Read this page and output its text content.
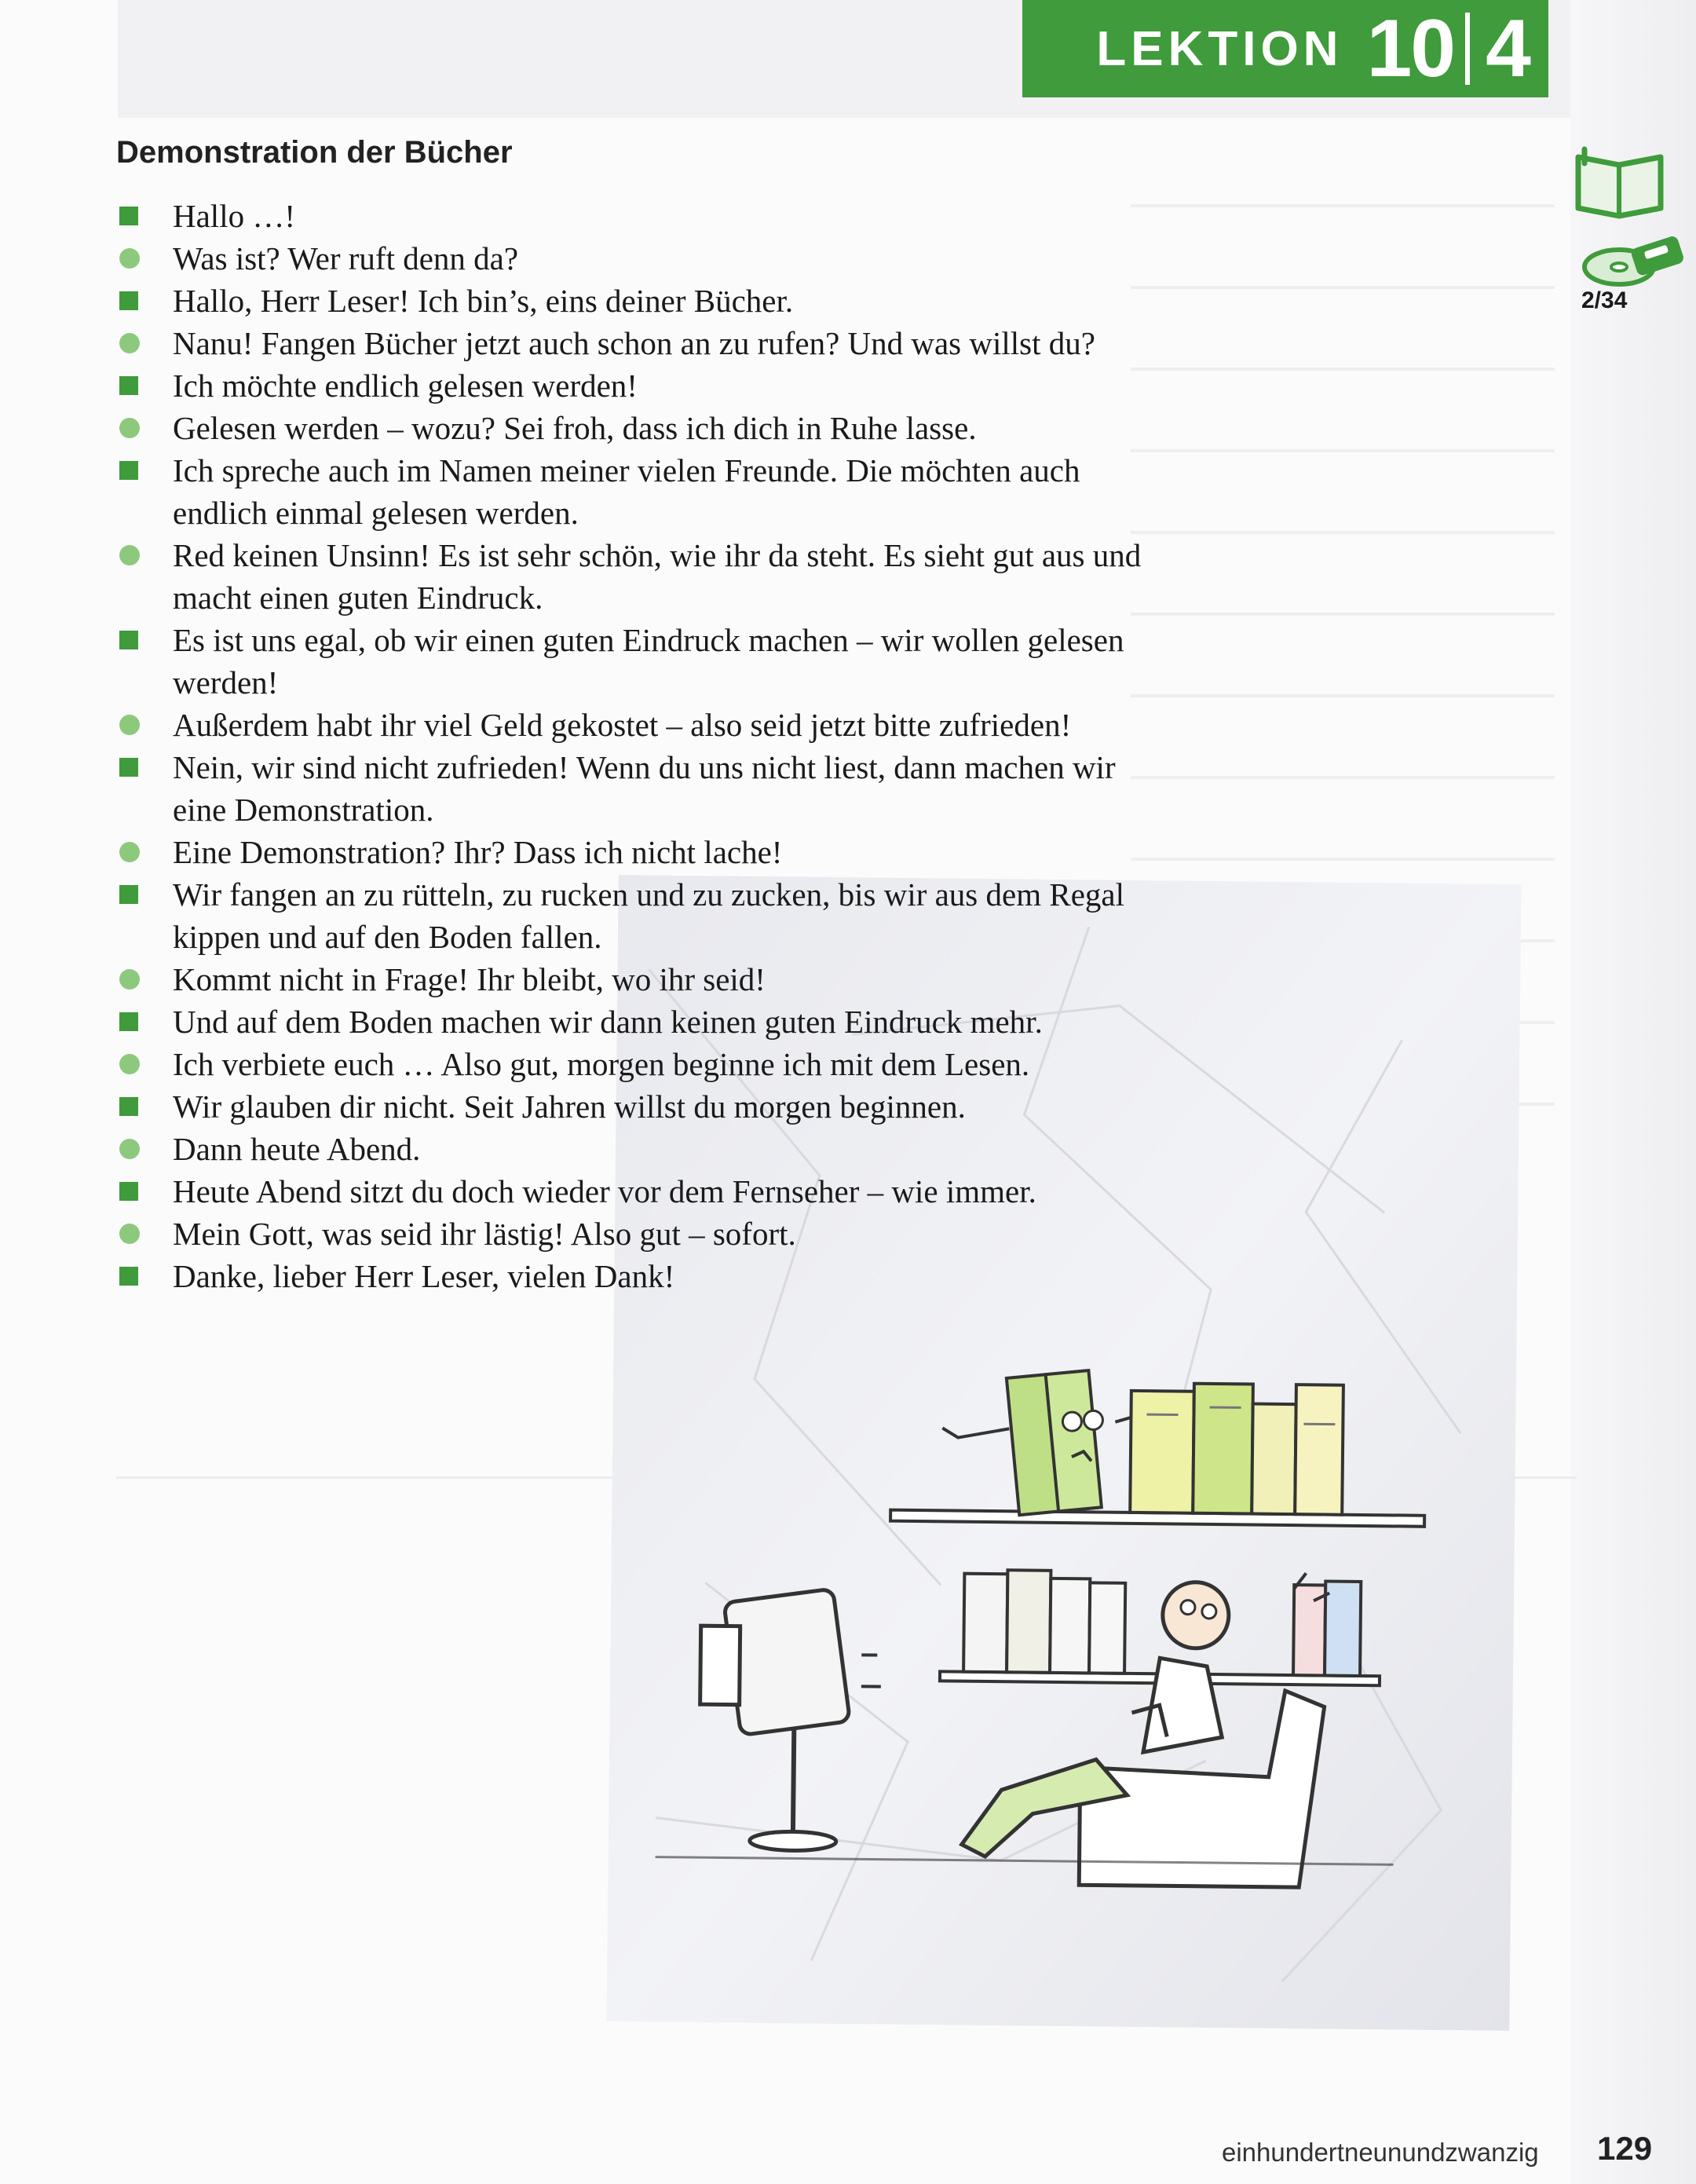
LEKTION 10 4
2/34
Demonstration der Bücher
Hallo …!
Was ist? Wer ruft denn da?
Hallo, Herr Leser! Ich bin’s, eins deiner Bücher.
Nanu! Fangen Bücher jetzt auch schon an zu rufen? Und was willst du?
Ich möchte endlich gelesen werden!
Gelesen werden – wozu? Sei froh, dass ich dich in Ruhe lasse.
Ich spreche auch im Namen meiner vielen Freunde. Die möchten auch endlich einmal gelesen werden.
Red keinen Unsinn! Es ist sehr schön, wie ihr da steht. Es sieht gut aus und macht einen guten Eindruck.
Es ist uns egal, ob wir einen guten Eindruck machen – wir wollen gelesen werden!
Außerdem habt ihr viel Geld gekostet – also seid jetzt bitte zufrieden!
Nein, wir sind nicht zufrieden! Wenn du uns nicht liest, dann machen wir eine Demonstration.
Eine Demonstration? Ihr? Dass ich nicht lache!
Wir fangen an zu rütteln, zu rucken und zu zucken, bis wir aus dem Regal kippen und auf den Boden fallen.
Kommt nicht in Frage! Ihr bleibt, wo ihr seid!
Und auf dem Boden machen wir dann keinen guten Eindruck mehr.
Ich verbiete euch … Also gut, morgen beginne ich mit dem Lesen.
Wir glauben dir nicht. Seit Jahren willst du morgen beginnen.
Dann heute Abend.
Heute Abend sitzt du doch wieder vor dem Fernseher – wie immer.
Mein Gott, was seid ihr lästig! Also gut – sofort.
Danke, lieber Herr Leser, vielen Dank!
einhundertneunundzwanzig 129
